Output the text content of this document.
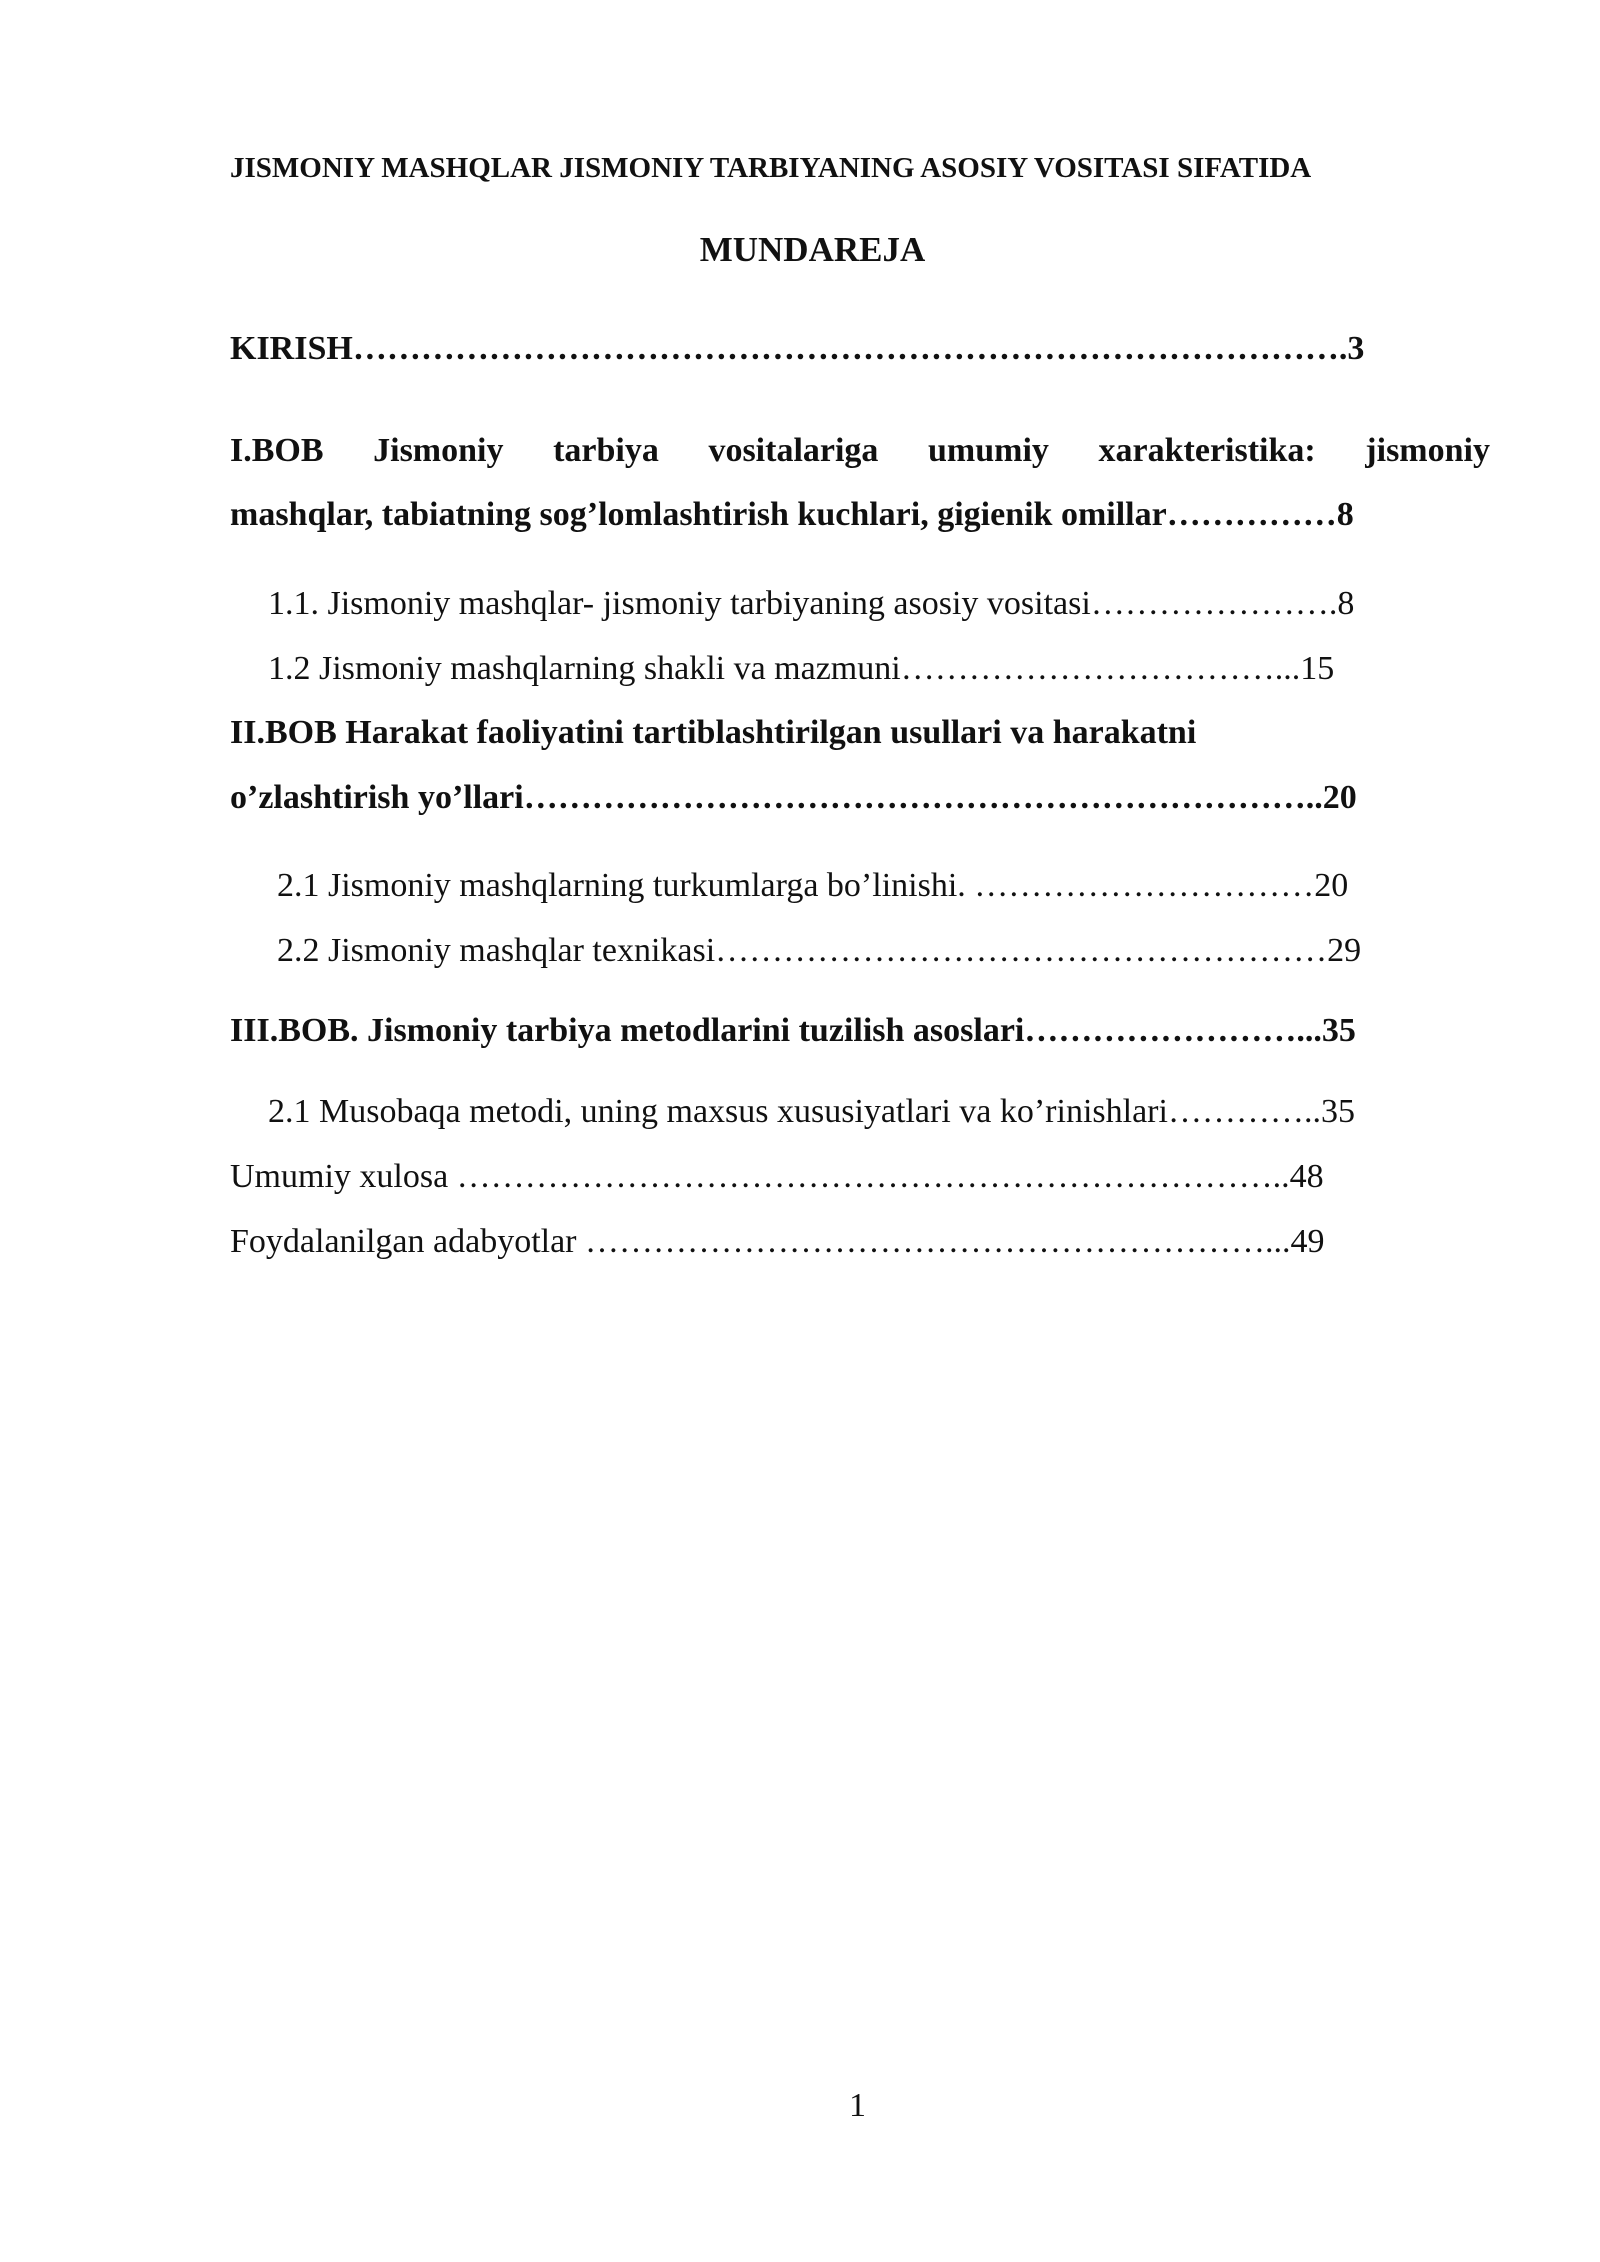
JISMONIY MASHQLAR JISMONIY TARBIYANING ASOSIY VOSITASI SIFATIDA
MUNDAREJA
KIRISH…………………………………………………………………………….3
I.BOB Jismoniy tarbiya vositalariga umumiy xarakteristika: jismoniy
mashqlar, tabiatning sog’lomlashtirish kuchlari, gigienik omillar……………8
1.1. Jismoniy mashqlar- jismoniy tarbiyaning asosiy vositasi………………….8
1.2 Jismoniy mashqlarning shakli va mazmuni……………………………...15
II.BOB Harakat faoliyatini tartiblashtirilgan usullari va harakatni
o’zlashtirish yo’llari……………………………………………………………..20
2.1 Jismoniy mashqlarning turkumlarga bo’linishi. …………………………20
2.2 Jismoniy mashqlar texnikasi………………………………………………29
III.BOB. Jismoniy tarbiya metodlarini tuzilish asoslari……………………...35
2.1 Musobaqa metodi, uning maxsus xususiyatlari va ko’rinishlari…………..35
Umumiy xulosa ………………………………………………………………..48
Foydalanilgan adabyotlar ……………………………………………………...49
1
